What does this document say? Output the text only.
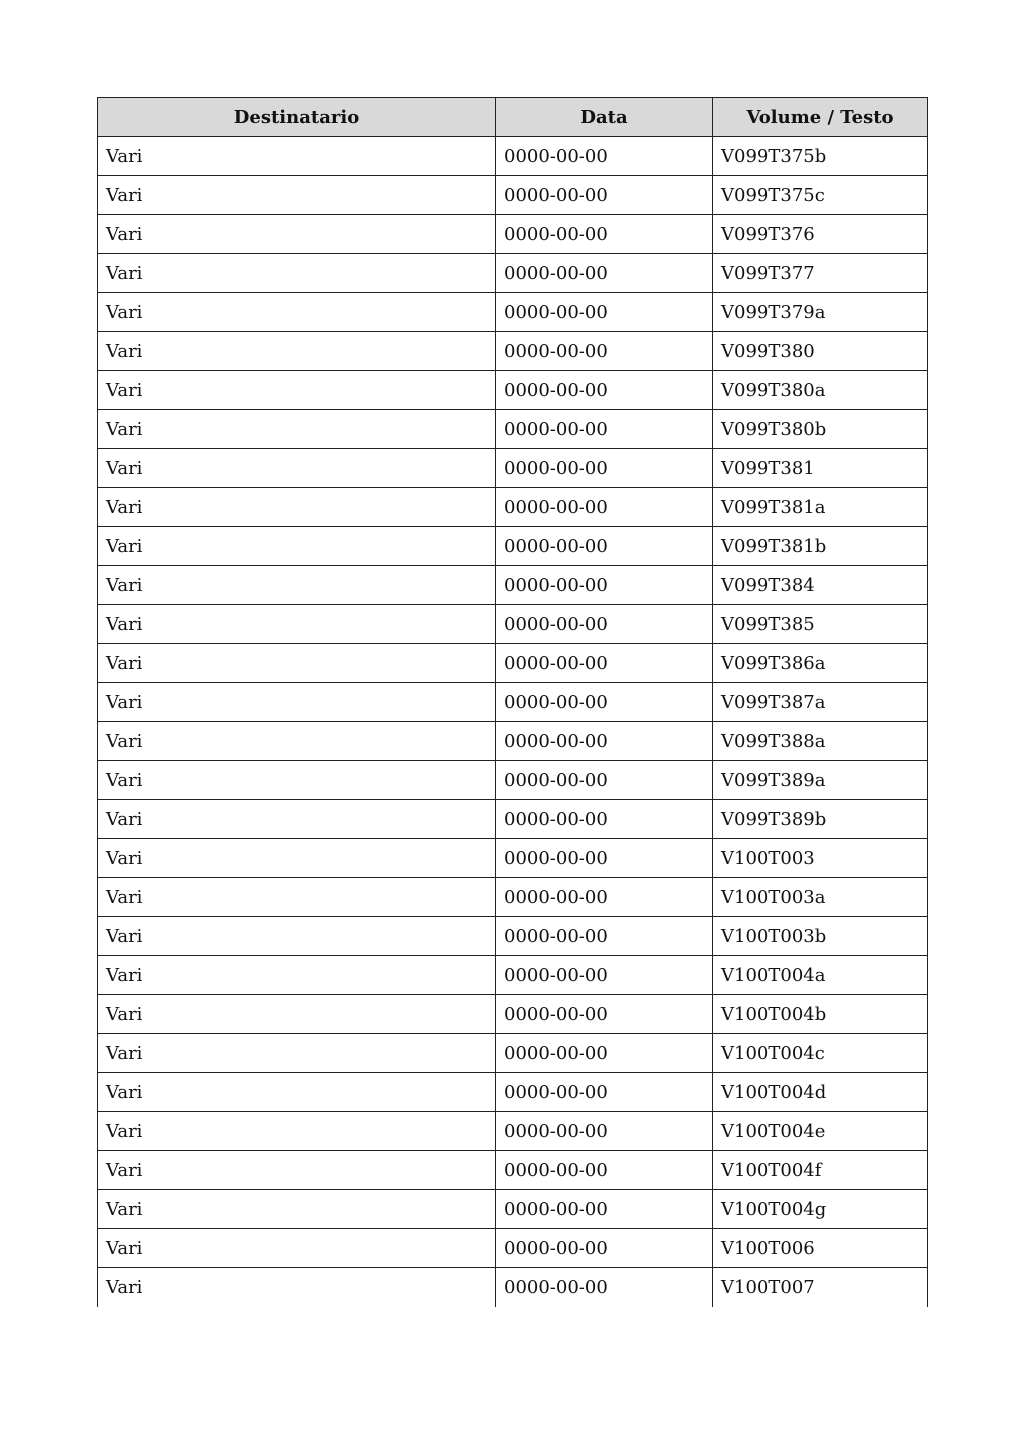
Destinatario	Data	Volume / Testo
Vari	0000-00-00	V099T375b
Vari	0000-00-00	V099T375c
Vari	0000-00-00	V099T376
Vari	0000-00-00	V099T377
Vari	0000-00-00	V099T379a
Vari	0000-00-00	V099T380
Vari	0000-00-00	V099T380a
Vari	0000-00-00	V099T380b
Vari	0000-00-00	V099T381
Vari	0000-00-00	V099T381a
Vari	0000-00-00	V099T381b
Vari	0000-00-00	V099T384
Vari	0000-00-00	V099T385
Vari	0000-00-00	V099T386a
Vari	0000-00-00	V099T387a
Vari	0000-00-00	V099T388a
Vari	0000-00-00	V099T389a
Vari	0000-00-00	V099T389b
Vari	0000-00-00	V100T003
Vari	0000-00-00	V100T003a
Vari	0000-00-00	V100T003b
Vari	0000-00-00	V100T004a
Vari	0000-00-00	V100T004b
Vari	0000-00-00	V100T004c
Vari	0000-00-00	V100T004d
Vari	0000-00-00	V100T004e
Vari	0000-00-00	V100T004f
Vari	0000-00-00	V100T004g
Vari	0000-00-00	V100T006
Vari	0000-00-00	V100T007
